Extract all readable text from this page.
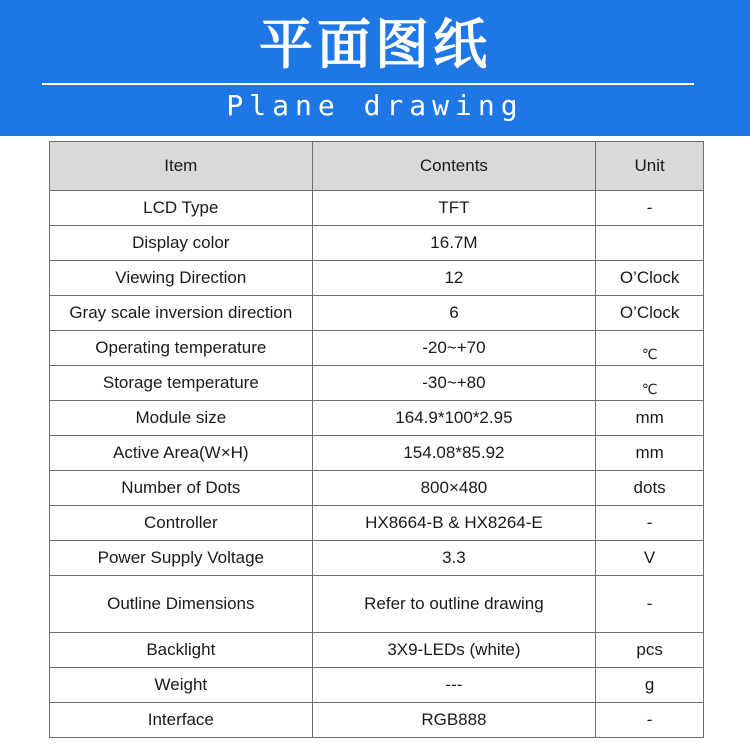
平面图纸
Plane drawing
Item	Contents	Unit
LCD Type	TFT	-
Display color	16.7M	
Viewing Direction	12	O’Clock
Gray scale inversion direction	6	O’Clock
Operating temperature	-20~+70	$_℃$
Storage temperature	-30~+80	$_℃$
Module size	164.9*100*2.95	mm
Active Area(W×H)	154.08*85.92	mm
Number of Dots	800×480	dots
Controller	HX8664-B & HX8264-E	-
Power Supply Voltage	3.3	V
Outline Dimensions	Refer to outline drawing	-
Backlight	3X9-LEDs (white)	pcs
Weight	---	g
Interface	RGB888	-
